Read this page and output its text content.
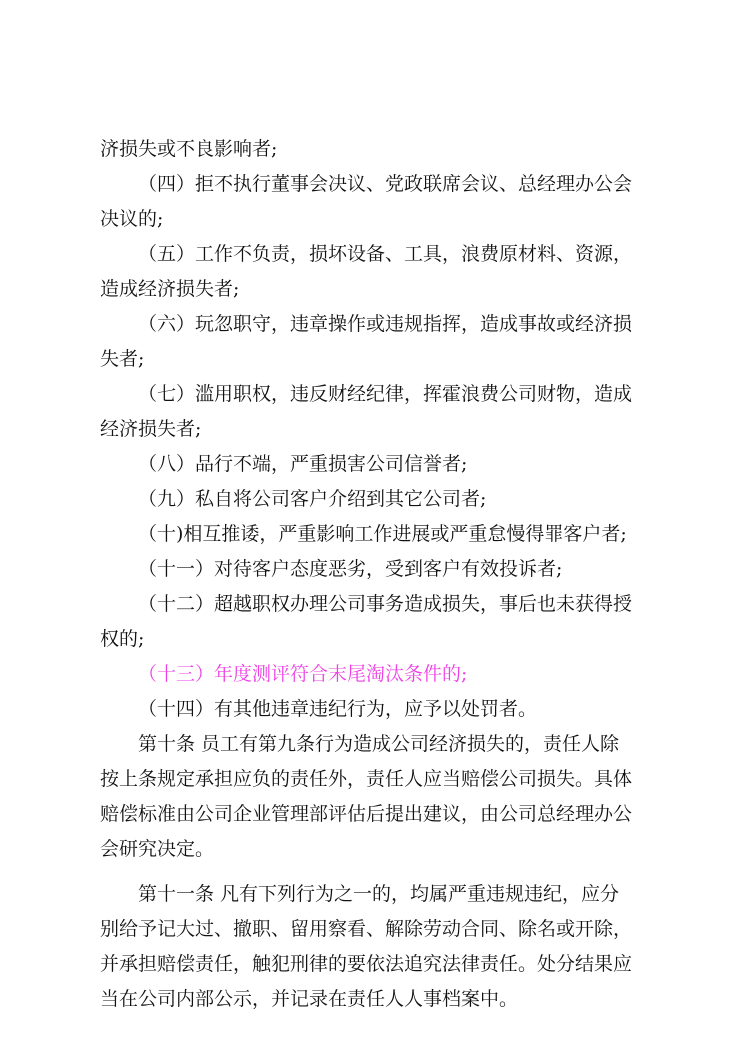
济损失或不良影响者;

（四）拒不执行董事会决议、党政联席会议、总经理办公会

决议的;

（五）工作不负责，损坏设备、工具，浪费原材料、资源，

造成经济损失者;

（六）玩忽职守，违章操作或违规指挥，造成事故或经济损

失者;

（七）滥用职权，违反财经纪律，挥霍浪费公司财物，造成

经济损失者;

（八）品行不端，严重损害公司信誉者;

（九）私自将公司客户介绍到其它公司者;

（十)相互推诿，严重影响工作进展或严重怠慢得罪客户者;

（十一）对待客户态度恶劣，受到客户有效投诉者;

（十二）超越职权办理公司事务造成损失，事后也未获得授

权的;

（十三）年度测评符合末尾淘汰条件的;

（十四）有其他违章违纪行为，应予以处罚者。

第十条 员工有第九条行为造成公司经济损失的，责任人除

按上条规定承担应负的责任外，责任人应当赔偿公司损失。具体

赔偿标准由公司企业管理部评估后提出建议，由公司总经理办公

会研究决定。

第十一条 凡有下列行为之一的，均属严重违规违纪，应分

别给予记大过、撤职、留用察看、解除劳动合同、除名或开除，

并承担赔偿责任，触犯刑律的要依法追究法律责任。处分结果应

当在公司内部公示，并记录在责任人人事档案中。
